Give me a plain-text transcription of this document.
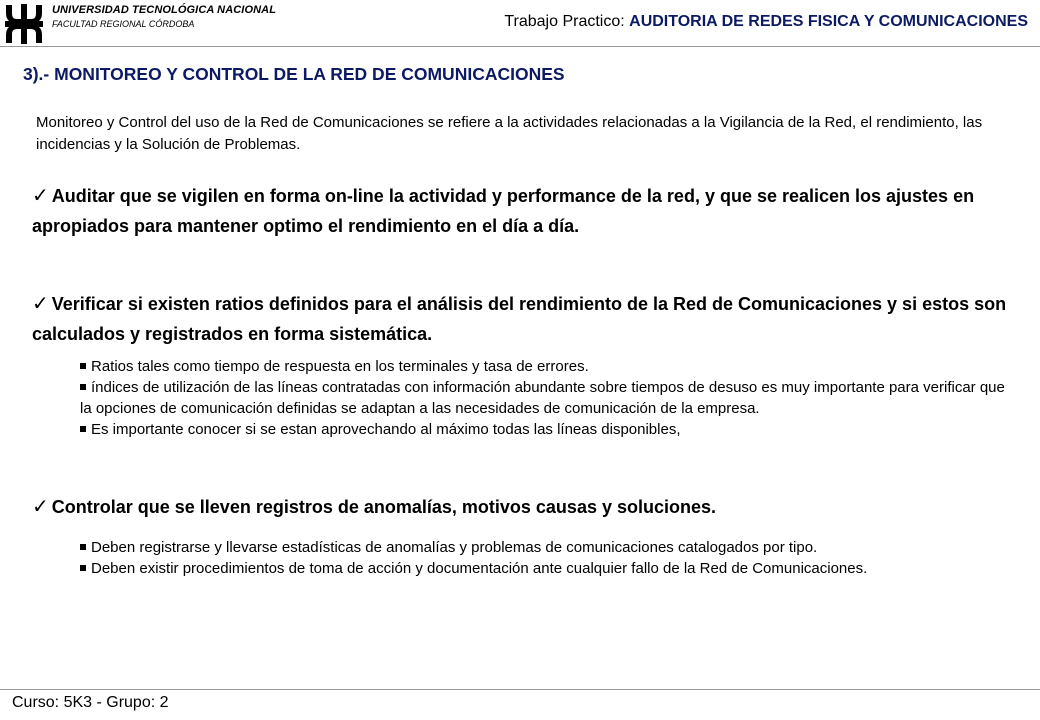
UNIVERSIDAD TECNOLÓGICA NACIONAL
FACULTAD REGIONAL CÓRDOBA	Trabajo Practico: AUDITORIA DE REDES FISICA Y COMUNICACIONES
3).- MONITOREO Y CONTROL DE LA RED DE COMUNICACIONES
Monitoreo y Control del uso de la Red de Comunicaciones se refiere a la actividades relacionadas a la Vigilancia de la Red, el rendimiento, las incidencias y la Solución de Problemas.
✓ Auditar que se vigilen en forma on-line la actividad y performance de la red, y que se realicen los ajustes en apropiados para mantener optimo el rendimiento en el día a día.
✓ Verificar si existen ratios definidos para el análisis del rendimiento de la Red de Comunicaciones y si estos son calculados y registrados en forma sistemática.
Ratios tales como tiempo de respuesta en los terminales y tasa de errores.
índices de utilización de las líneas contratadas con información abundante sobre tiempos de desuso es muy importante para verificar que la opciones de comunicación definidas se adaptan a las necesidades de comunicación de la empresa.
Es importante conocer si se estan aprovechando al máximo todas las líneas disponibles,
✓ Controlar que se lleven registros de anomalías, motivos causas y soluciones.
Deben registrarse y llevarse estadísticas de anomalías y problemas de comunicaciones catalogados por tipo.
Deben existir procedimientos de toma de acción y documentación ante cualquier fallo de la Red de Comunicaciones.
Curso: 5K3 - Grupo: 2
